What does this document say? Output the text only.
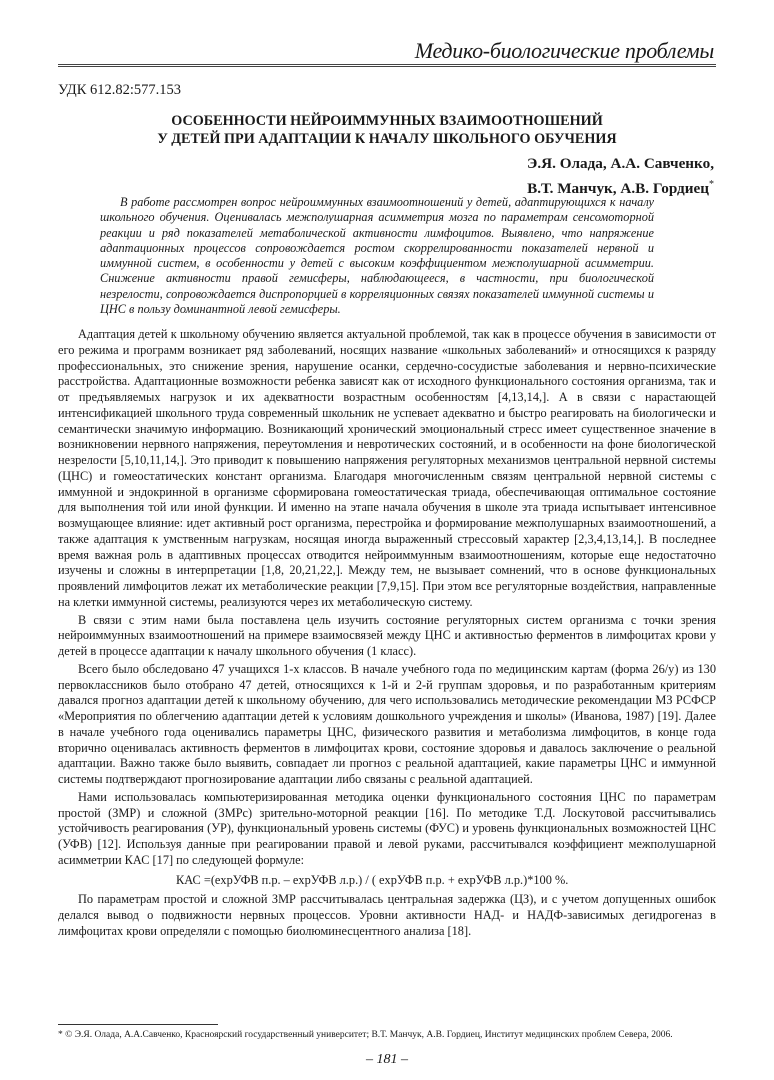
Медико-биологические проблемы
УДК 612.82:577.153
ОСОБЕННОСТИ НЕЙРОИММУННЫХ ВЗАИМООТНОШЕНИЙ
У ДЕТЕЙ ПРИ АДАПТАЦИИ К НАЧАЛУ ШКОЛЬНОГО ОБУЧЕНИЯ
Э.Я. Олада, А.А. Савченко,
В.Т. Манчук, А.В. Гордиец*
В работе рассмотрен вопрос нейроиммунных взаимоотношений у детей, адаптирующихся к началу школьного обучения. Оценивалась межполушарная асимметрия мозга по параметрам сенсомоторной реакции и ряд показателей метаболической активности лимфоцитов. Выявлено, что напряжение адаптационных процессов сопровождается ростом скоррелированности показателей нервной и иммунной систем, в особенности у детей с высоким коэффициентом межполушарной асимметрии. Снижение активности правой гемисферы, наблюдающееся, в частности, при биологической незрелости, сопровождается диспропорцией в корреляционных связях показателей иммунной системы и ЦНС в пользу доминантной левой гемисферы.

Адаптация детей к школьному обучению является актуальной проблемой, так как в процессе обучения в зависимости от его режима и программ возникает ряд заболеваний, носящих название «школьных заболеваний» и относящихся к разряду профессиональных, это снижение зрения, нарушение осанки, сердечно-сосудистые заболевания и нервно-психические расстройства. Адаптационные возможности ребенка зависят как от исходного функционального состояния организма, так и от предъявляемых нагрузок и их адекватности возрастным особенностям [4,13,14,]. А в связи с нарастающей интенсификацией школьного труда современный школьник не успевает адекватно и быстро реагировать на биологически и семантически значимую информацию. Возникающий хронический эмоциональный стресс имеет существенное значение в возникновении нервного напряжения, переутомления и невротических состояний, и в особенности на фоне биологической незрелости [5,10,11,14,]. Это приводит к повышению напряжения регуляторных механизмов центральной нервной системы (ЦНС) и гомеостатических констант организма. Благодаря многочисленным связям центральной нервной системы с иммунной и эндокринной в организме сформирована гомеостатическая триада, обеспечивающая оптимальное состояние для выполнения той или иной функции. И именно на этапе начала обучения в школе эта триада испытывает интенсивное возмущающее влияние: идет активный рост организма, перестройка и формирование межполушарных взаимоотношений, а также адаптация к умственным нагрузкам, носящая иногда выраженный стрессовый характер [2,3,4,13,14,]. В последнее время важная роль в адаптивных процессах отводится нейроиммунным взаимоотношениям, которые еще недостаточно изучены и сложны в интерпретации [1,8, 20,21,22,]. Между тем, не вызывает сомнений, что в основе функциональных проявлений лимфоцитов лежат их метаболические реакции [7,9,15]. При этом все регуляторные воздействия, направленные на клетки иммунной системы, реализуются через их метаболическую систему.

В связи с этим нами была поставлена цель изучить состояние регуляторных систем организма с точки зрения нейроиммунных взаимоотношений на примере взаимосвязей между ЦНС и активностью ферментов в лимфоцитах крови у детей в процессе адаптации к началу школьного обучения (1 класс).

Всего было обследовано 47 учащихся 1-х классов. В начале учебного года по медицинским картам (форма 26/у) из 130 первоклассников было отобрано 47 детей, относящихся к 1-й и 2-й группам здоровья, и по разработанным критериям давался прогноз адаптации детей к школьному обучению, для чего использовались методические рекомендации МЗ РСФСР «Мероприятия по облегчению адаптации детей к условиям дошкольного учреждения и школы» (Иванова, 1987) [19]. Далее в начале учебного года оценивались параметры ЦНС, физического развития и метаболизма лимфоцитов, в конце года вторично оценивалась активность ферментов в лимфоцитах крови, состояние здоровья и давалось заключение о реальной адаптации. Важно также было выявить, совпадает ли прогноз с реальной адаптацией, какие параметры ЦНС и иммунной системы подтверждают прогнозирование адаптации либо связаны с реальной адаптацией.

Нами использовалась компьютеризированная методика оценки функционального состояния ЦНС по параметрам простой (ЗМР) и сложной (ЗМРс) зрительно-моторной реакции [16]. По методике Т.Д. Лоскутовой рассчитывались устойчивость реагирования (УР), функциональный уровень системы (ФУС) и уровень функциональных возможностей ЦНС (УФВ) [12]. Используя данные при реагировании правой и левой руками, рассчитывался коэффициент межполушарной асимметрии КАС [17] по следующей формуле:

КАС =(expУФВ п.р. – expУФВ л.р.) / ( expУФВ п.р. + expУФВ л.р.)*100 %.

По параметрам простой и сложной ЗМР рассчитывалась центральная задержка (ЦЗ), и с учетом допущенных ошибок делался вывод о подвижности нервных процессов. Уровни активности НАД- и НАДФ-зависимых дегидрогеназ в лимфоцитах крови определяли с помощью биолюминесцентного анализа [18].

* © Э.Я. Олада, А.А.Савченко, Красноярский государственный университет; В.Т. Манчук, А.В. Гордиец, Институт медицинских проблем Севера, 2006.
– 181 –
